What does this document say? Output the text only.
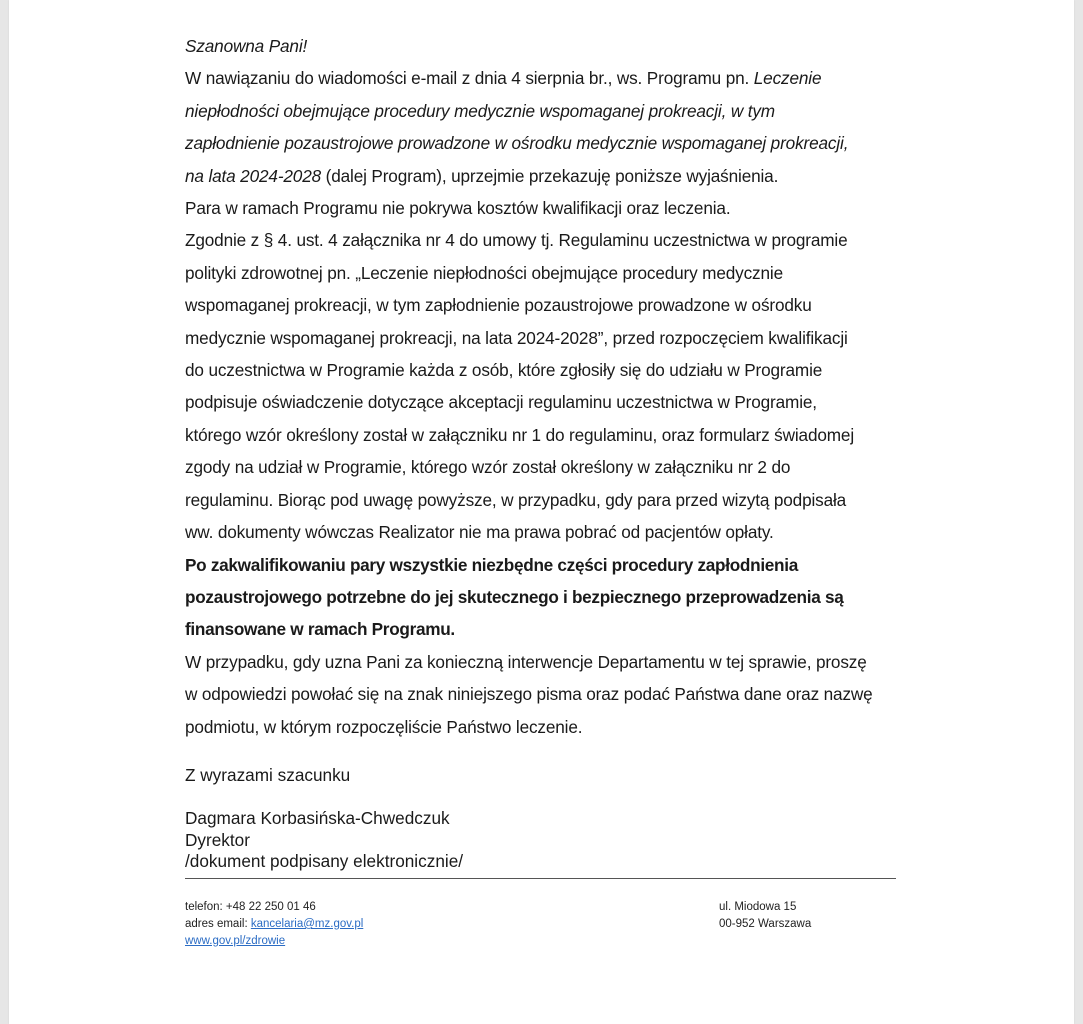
Szanowna Pani!
W nawiązaniu do wiadomości e-mail z dnia 4 sierpnia br., ws. Programu pn. Leczenie
niepłodności obejmujące procedury medycznie wspomaganej prokreacji, w tym
zapłodnienie pozaustrojowe prowadzone w ośrodku medycznie wspomaganej prokreacji,
na lata 2024-2028 (dalej Program), uprzejmie przekazuję poniższe wyjaśnienia.
Para w ramach Programu nie pokrywa kosztów kwalifikacji oraz leczenia.
Zgodnie z § 4. ust. 4 załącznika nr 4 do umowy tj. Regulaminu uczestnictwa w programie
polityki zdrowotnej pn. „Leczenie niepłodności obejmujące procedury medycznie
wspomaganej prokreacji, w tym zapłodnienie pozaustrojowe prowadzone w ośrodku
medycznie wspomaganej prokreacji, na lata 2024-2028”, przed rozpoczęciem kwalifikacji
do uczestnictwa w Programie każda z osób, które zgłosiły się do udziału w Programie
podpisuje oświadczenie dotyczące akceptacji regulaminu uczestnictwa w Programie,
którego wzór określony został w załączniku nr 1 do regulaminu, oraz formularz świadomej
zgody na udział w Programie, którego wzór został określony w załączniku nr 2 do
regulaminu. Biorąc pod uwagę powyższe, w przypadku, gdy para przed wizytą podpisała
ww. dokumenty wówczas Realizator nie ma prawa pobrać od pacjentów opłaty.
Po zakwalifikowaniu pary wszystkie niezbędne części procedury zapłodnienia
pozaustrojowego potrzebne do jej skutecznego i bezpiecznego przeprowadzenia są
finansowane w ramach Programu.
W przypadku, gdy uzna Pani za konieczną interwencje Departamentu w tej sprawie, proszę
w odpowiedzi powołać się na znak niniejszego pisma oraz podać Państwa dane oraz nazwę
podmiotu, w którym rozpoczęliście Państwo leczenie.
Z wyrazami szacunku
Dagmara Korbasińska-Chwedczuk
Dyrektor
/dokument podpisany elektronicznie/
telefon: +48 22 250 01 46
adres email: kancelaria@mz.gov.pl
www.gov.pl/zdrowie
ul. Miodowa 15
00-952 Warszawa
